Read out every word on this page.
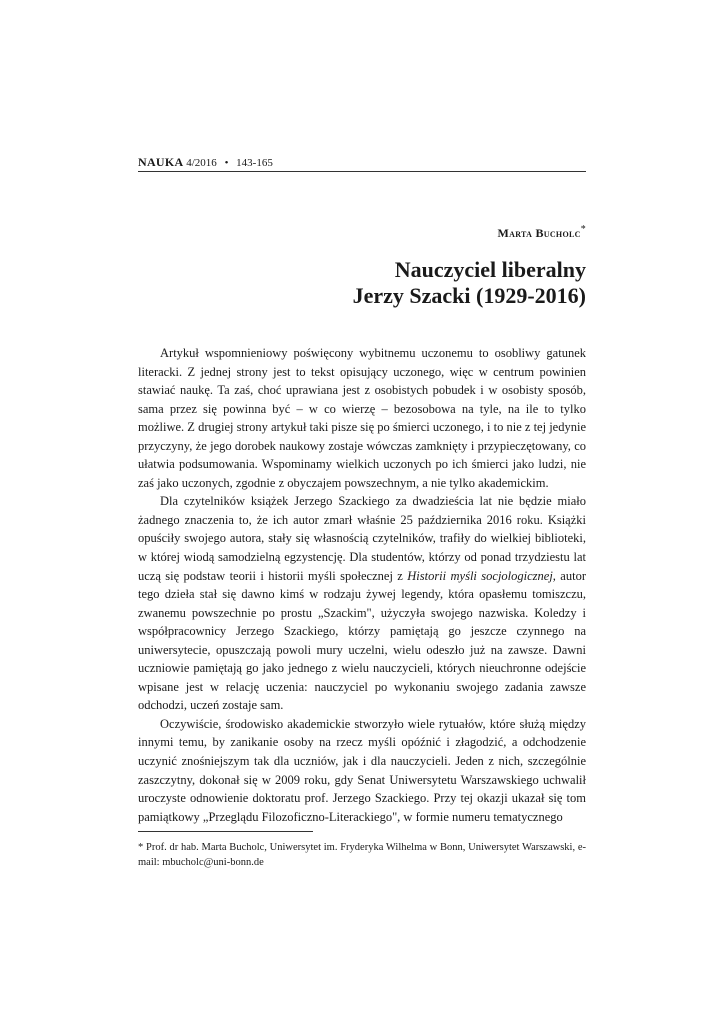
NAUKA 4/2016 • 143-165
Marta Bucholc*
Nauczyciel liberalny
Jerzy Szacki (1929-2016)

Artykuł wspomnieniowy poświęcony wybitnemu uczonemu to osobliwy gatunek literacki. Z jednej strony jest to tekst opisujący uczonego, więc w centrum powinien stawiać naukę. Ta zaś, choć uprawiana jest z osobistych pobudek i w osobisty sposób, sama przez się powinna być – w co wierzę – bezosobowa na tyle, na ile to tylko możliwe. Z drugiej strony artykuł taki pisze się po śmierci uczonego, i to nie z tej jedynie przyczyny, że jego dorobek naukowy zostaje wówczas zamknięty i przypieczętowany, co ułatwia podsumowania. Wspominamy wielkich uczonych po ich śmierci jako ludzi, nie zaś jako uczonych, zgodnie z obyczajem powszechnym, a nie tylko akademickim.

Dla czytelników książek Jerzego Szackiego za dwadzieścia lat nie będzie miało żadnego znaczenia to, że ich autor zmarł właśnie 25 października 2016 roku. Książki opuściły swojego autora, stały się własnością czytelników, trafiły do wielkiej biblioteki, w której wiodą samodzielną egzystencję. Dla studentów, którzy od ponad trzydziestu lat uczą się podstaw teorii i historii myśli społecznej z Historii myśli socjologicznej, autor tego dzieła stał się dawno kimś w rodzaju żywej legendy, która opasłemu tomiszczu, zwanemu powszechnie po prostu „Szackim", użyczyła swojego nazwiska. Koledzy i współpracownicy Jerzego Szackiego, którzy pamiętają go jeszcze czynnego na uniwersytecie, opuszczają powoli mury uczelni, wielu odeszło już na zawsze. Dawni uczniowie pamiętają go jako jednego z wielu nauczycieli, których nieuchronne odejście wpisane jest w relację uczenia: nauczyciel po wykonaniu swojego zadania zawsze odchodzi, uczeń zostaje sam.

Oczywiście, środowisko akademickie stworzyło wiele rytuałów, które służą między innymi temu, by zanikanie osoby na rzecz myśli opóźnić i złagodzić, a odchodzenie uczynić znośniejszym tak dla uczniów, jak i dla nauczycieli. Jeden z nich, szczególnie zaszczytny, dokonał się w 2009 roku, gdy Senat Uniwersytetu Warszawskiego uchwalił uroczyste odnowienie doktoratu prof. Jerzego Szackiego. Przy tej okazji ukazał się tom pamiątkowy „Przeglądu Filozoficzno-Literackiego", w formie numeru tematycznego

* Prof. dr hab. Marta Bucholc, Uniwersytet im. Fryderyka Wilhelma w Bonn, Uniwersytet Warszawski, e-mail: mbucholc@uni-bonn.de
